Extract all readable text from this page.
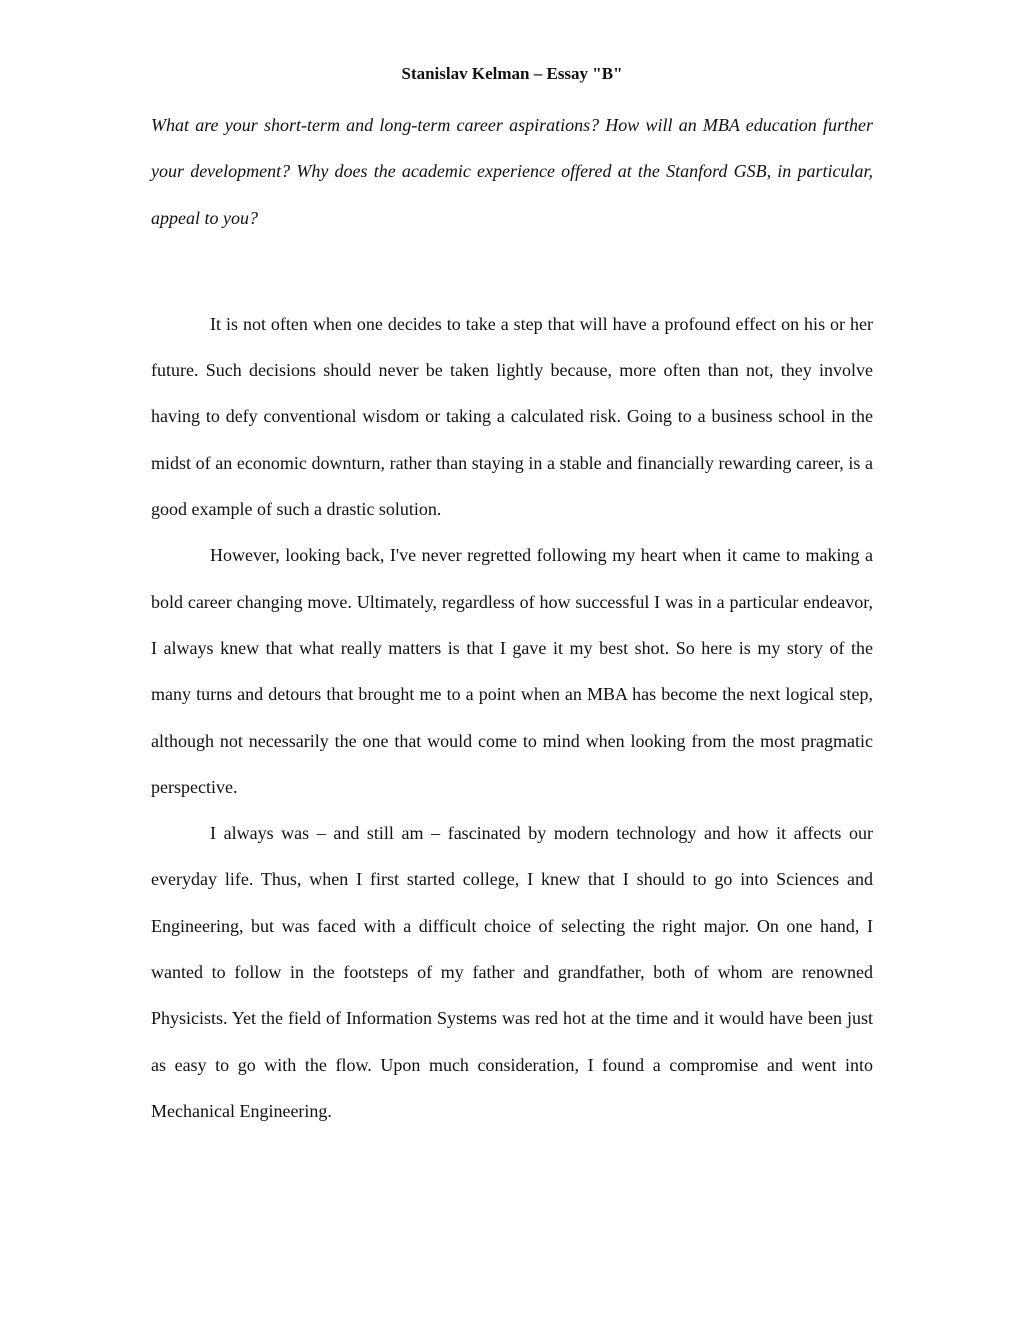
Stanislav Kelman – Essay "B"

What are your short-term and long-term career aspirations? How will an MBA education further your development? Why does the academic experience offered at the Stanford GSB, in particular, appeal to you?

It is not often when one decides to take a step that will have a profound effect on his or her future. Such decisions should never be taken lightly because, more often than not, they involve having to defy conventional wisdom or taking a calculated risk. Going to a business school in the midst of an economic downturn, rather than staying in a stable and financially rewarding career, is a good example of such a drastic solution.

However, looking back, I've never regretted following my heart when it came to making a bold career changing move. Ultimately, regardless of how successful I was in a particular endeavor, I always knew that what really matters is that I gave it my best shot. So here is my story of the many turns and detours that brought me to a point when an MBA has become the next logical step, although not necessarily the one that would come to mind when looking from the most pragmatic perspective.

I always was – and still am – fascinated by modern technology and how it affects our everyday life. Thus, when I first started college, I knew that I should to go into Sciences and Engineering, but was faced with a difficult choice of selecting the right major. On one hand, I wanted to follow in the footsteps of my father and grandfather, both of whom are renowned Physicists. Yet the field of Information Systems was red hot at the time and it would have been just as easy to go with the flow. Upon much consideration, I found a compromise and went into Mechanical Engineering.
